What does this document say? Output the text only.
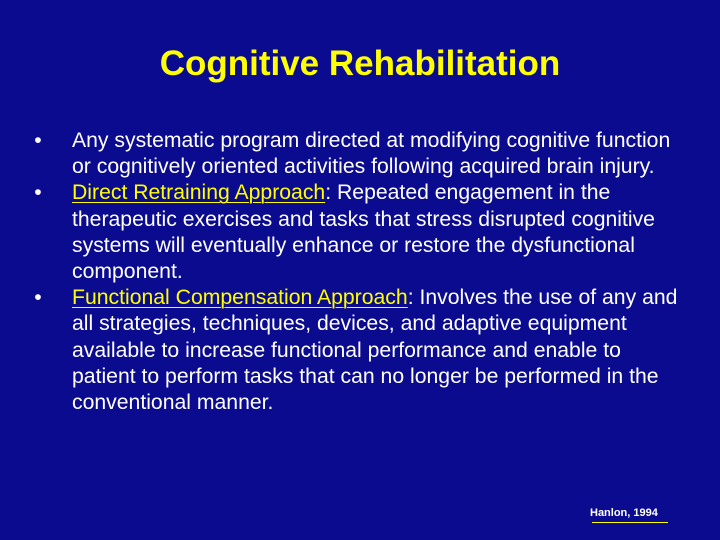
Cognitive Rehabilitation
• Any systematic program directed at modifying cognitive function or cognitively oriented activities following acquired brain injury.
• Direct Retraining Approach: Repeated engagement in the therapeutic exercises and tasks that stress disrupted cognitive systems will eventually enhance or restore the dysfunctional component.
• Functional Compensation Approach: Involves the use of any and all strategies, techniques, devices, and adaptive equipment available to increase functional performance and enable to patient to perform tasks that can no longer be performed in the conventional manner.
Hanlon, 1994
